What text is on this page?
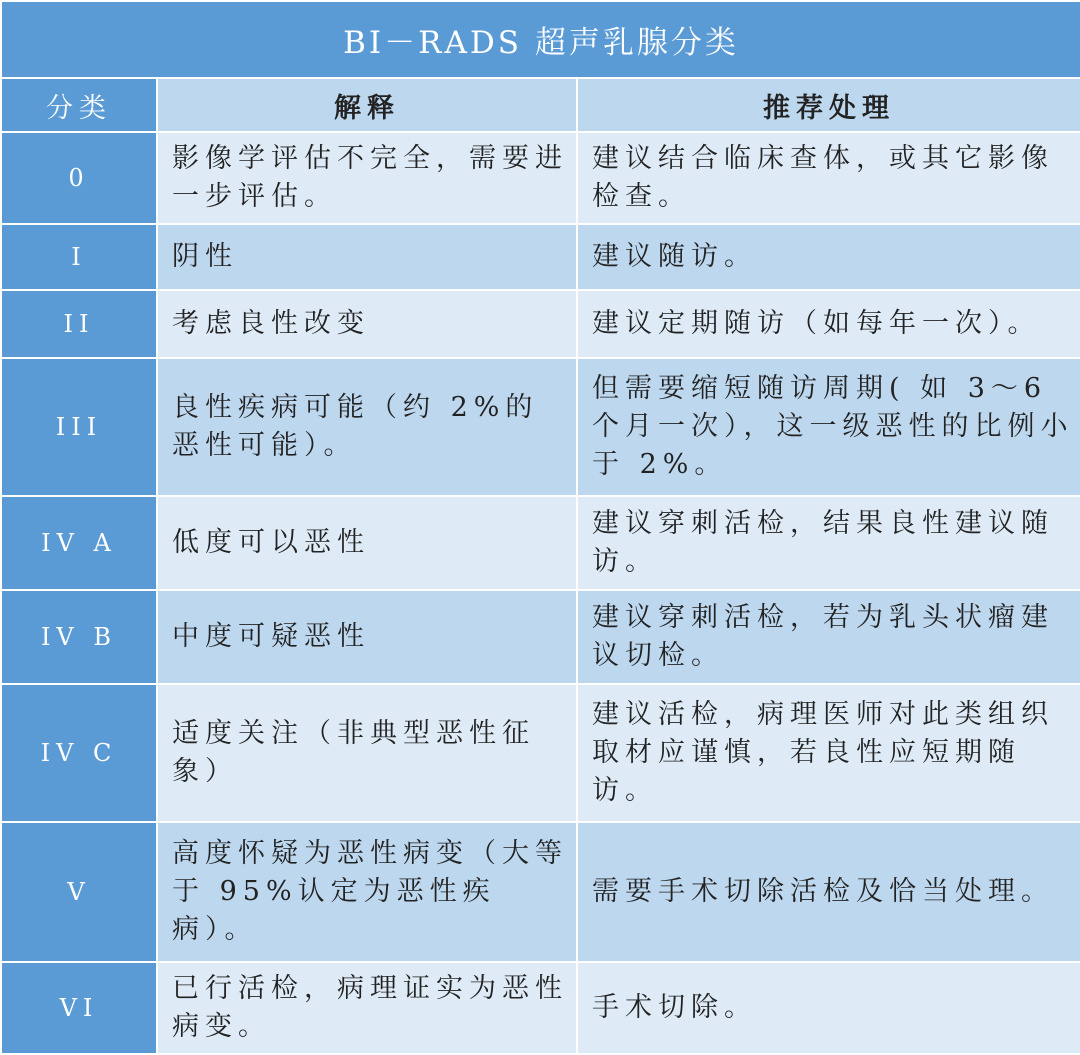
BI－RADS 超声乳腺分类		
分类	解释	推荐处理
0	影像学评估不完全，需要进一步评估。	建议结合临床查体，或其它影像检查。
I	阴性	建议随访。
II	考虑良性改变	建议定期随访（如每年一次）。
III	良性疾病可能（约 2%的恶性可能）。	但需要缩短随访周期( 如 3～6 个月一次），这一级恶性的比例小于 2%。
IV A	低度可以恶性	建议穿刺活检，结果良性建议随访。
IV B	中度可疑恶性	建议穿刺活检，若为乳头状瘤建议切检。
IV C	适度关注（非典型恶性征象）	建议活检，病理医师对此类组织取材应谨慎，若良性应短期随访。
V	高度怀疑为恶性病变（大等于 95%认定为恶性疾病）。	需要手术切除活检及恰当处理。
VI	已行活检，病理证实为恶性病变。	手术切除。
